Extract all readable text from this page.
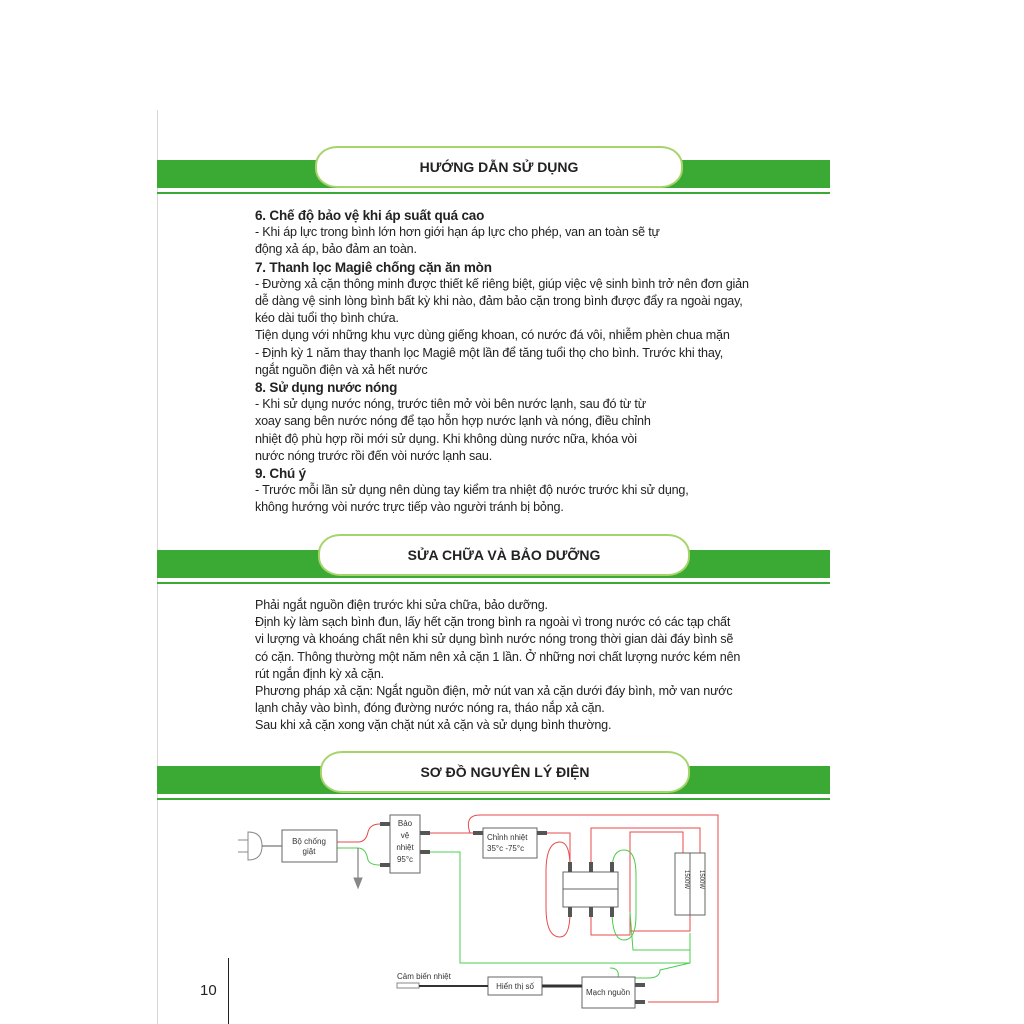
HƯỚNG DẪN SỬ DỤNG
6. Chế độ bảo vệ khi áp suất quá cao
- Khi áp lực trong bình lớn hơn giới hạn áp lực cho phép, van an toàn sẽ tự
động xả áp, bảo đảm an toàn.
7. Thanh lọc Magiê chống cặn ăn mòn
- Đường xả cặn thông minh được thiết kế riêng biệt, giúp việc vệ sinh bình trở nên đơn giản
dễ dàng vệ sinh lòng bình bất kỳ khi nào, đảm bảo cặn trong bình được đẩy ra ngoài ngay,
kéo dài tuổi thọ bình chứa.
Tiện dụng với những khu vực dùng giếng khoan, có nước đá vôi, nhiễm phèn chua mặn
- Định kỳ 1 năm thay thanh lọc Magiê một lần để tăng tuổi thọ cho bình. Trước khi thay,
ngắt nguồn điện và xả hết nước
8. Sử dụng nước nóng
- Khi sử dụng nước nóng, trước tiên mở vòi bên nước lạnh, sau đó từ từ
xoay sang bên nước nóng để tạo hỗn hợp nước lạnh và nóng, điều chỉnh
nhiệt độ phù hợp rồi mới sử dụng. Khi không dùng nước nữa, khóa vòi
nước nóng trước rồi đến vòi nước lạnh sau.
9. Chú ý
- Trước mỗi lần sử dụng nên dùng tay kiểm tra nhiệt độ nước trước khi sử dụng,
không hướng vòi nước trực tiếp vào người tránh bị bỏng.
SỬA CHỮA VÀ BẢO DƯỠNG
Phải ngắt nguồn điện trước khi sửa chữa, bảo dưỡng.
Định kỳ làm sạch bình đun, lấy hết cặn trong bình ra ngoài vì trong nước có các tạp chất
vi lượng và khoáng chất nên khi sử dụng bình nước nóng trong thời gian dài đáy bình sẽ
có cặn. Thông thường một năm nên xả cặn 1 lần. Ở những nơi chất lượng nước kém nên
rút ngắn định kỳ xả cặn.
Phương pháp xả cặn: Ngắt nguồn điện, mở nút van xả cặn dưới đáy bình, mở van nước
lạnh chảy vào bình, đóng đường nước nóng ra, tháo nắp xả cặn.
Sau khi xả cặn xong vặn chặt nút xả cặn và sử dụng bình thường.
SƠ ĐỒ NGUYÊN LÝ ĐIỆN
Bộ chống
giật
Bảo
vệ
nhiệt
95°c
Chỉnh nhiệt
35°c -75°c
Cảm biến nhiệt
Hiển thị số
Mạch nguồn
1500W 1500W
10
